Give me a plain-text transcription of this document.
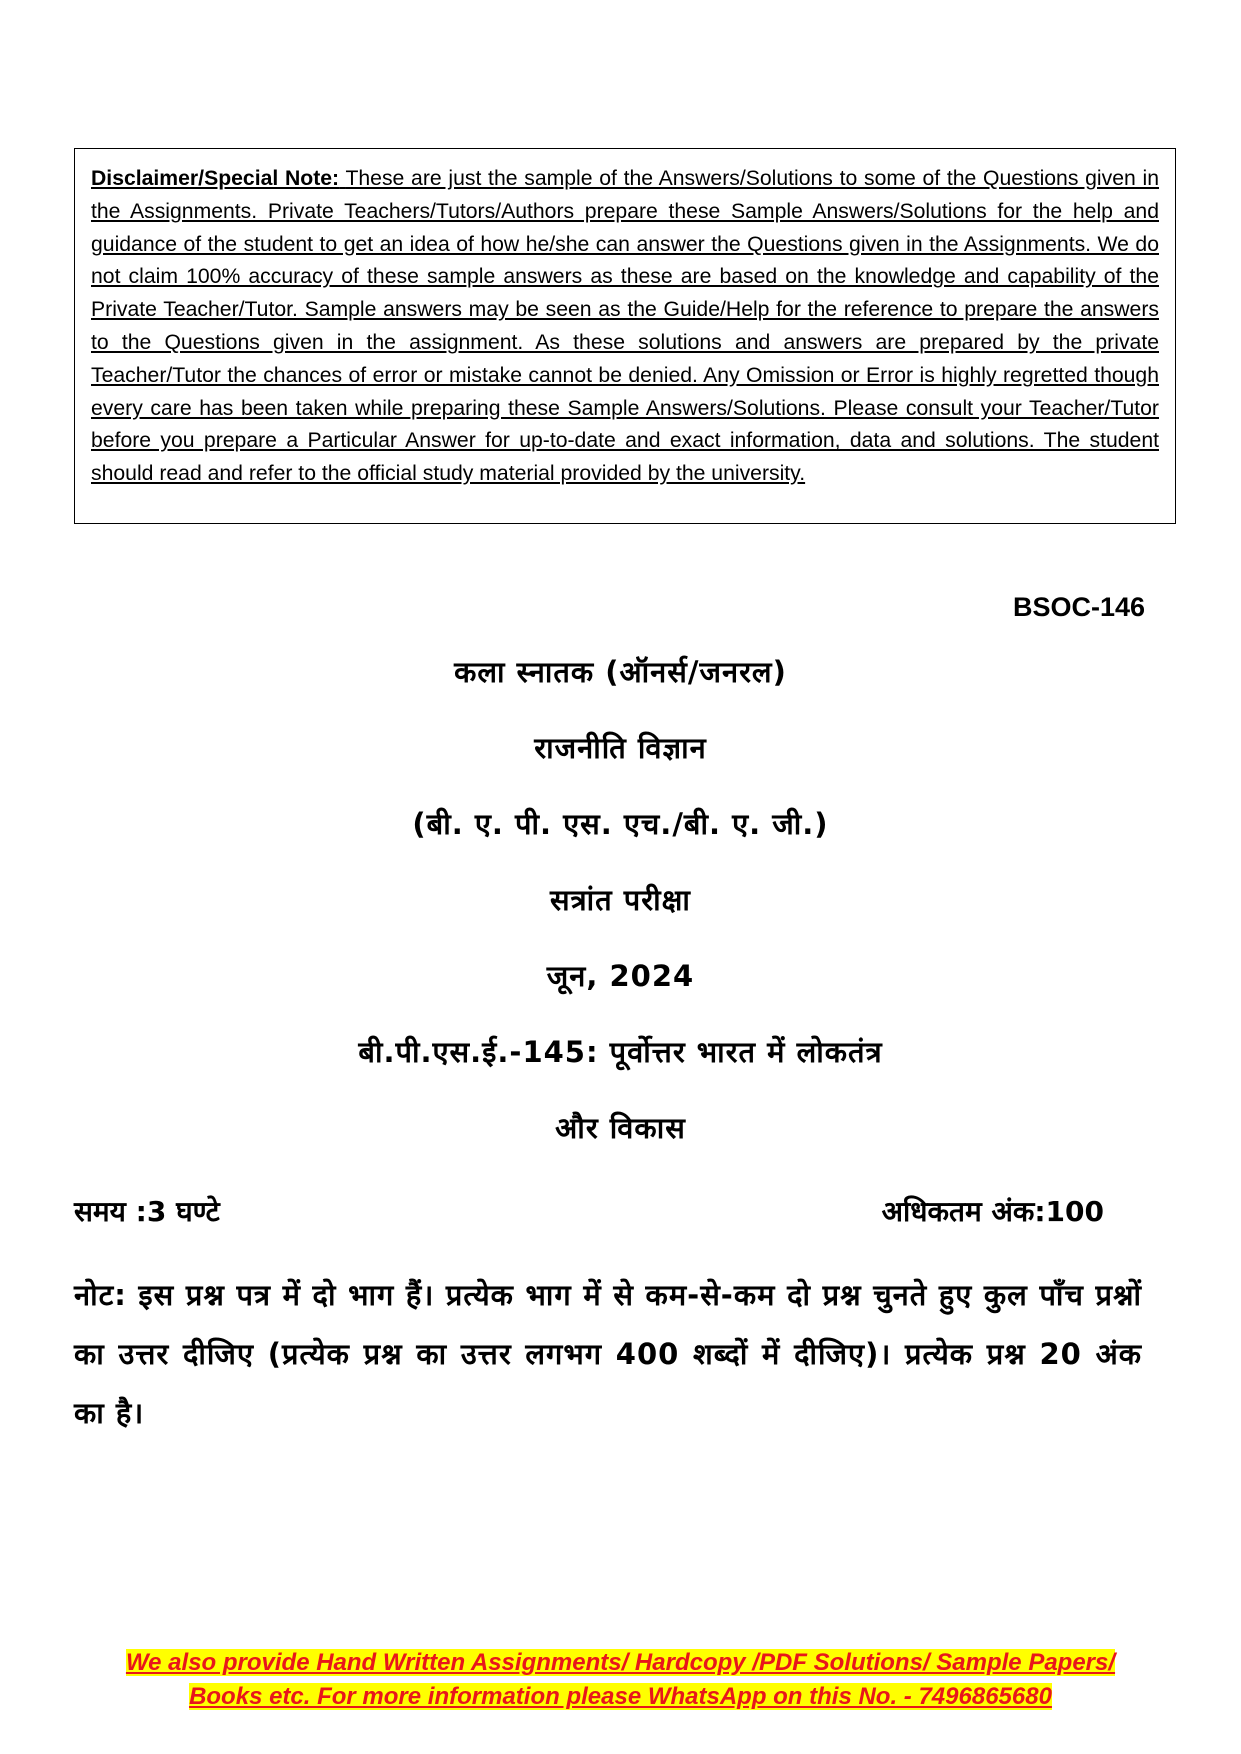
Disclaimer/Special Note: These are just the sample of the Answers/Solutions to some of the Questions given in the Assignments. Private Teachers/Tutors/Authors prepare these Sample Answers/Solutions for the help and guidance of the student to get an idea of how he/she can answer the Questions given in the Assignments. We do not claim 100% accuracy of these sample answers as these are based on the knowledge and capability of the Private Teacher/Tutor. Sample answers may be seen as the Guide/Help for the reference to prepare the answers to the Questions given in the assignment. As these solutions and answers are prepared by the private Teacher/Tutor the chances of error or mistake cannot be denied. Any Omission or Error is highly regretted though every care has been taken while preparing these Sample Answers/Solutions. Please consult your Teacher/Tutor before you prepare a Particular Answer for up-to-date and exact information, data and solutions. The student should read and refer to the official study material provided by the university.

BSOC-146
कला स्नातक (ऑनर्स/जनरल)
राजनीति विज्ञान
(बी. ए. पी. एस. एच./बी. ए. जी.)
सत्रांत परीक्षा
जून, 2024
बी.पी.एस.ई.-145: पूर्वोत्तर भारत में लोकतंत्र
और विकास
समय :3 घण्टे	अधिकतम अंक:100

नोट: इस प्रश्न पत्र में दो भाग हैं। प्रत्येक भाग में से कम-से-कम दो प्रश्न चुनते हुए कुल पाँच प्रश्नों का उत्तर दीजिए (प्रत्येक प्रश्न का उत्तर लगभग 400 शब्दों में दीजिए)। प्रत्येक प्रश्न 20 अंक का है।

We also provide Hand Written Assignments/ Hardcopy /PDF Solutions/ Sample Papers/
Books etc. For more information please WhatsApp on this No. - 7496865680
